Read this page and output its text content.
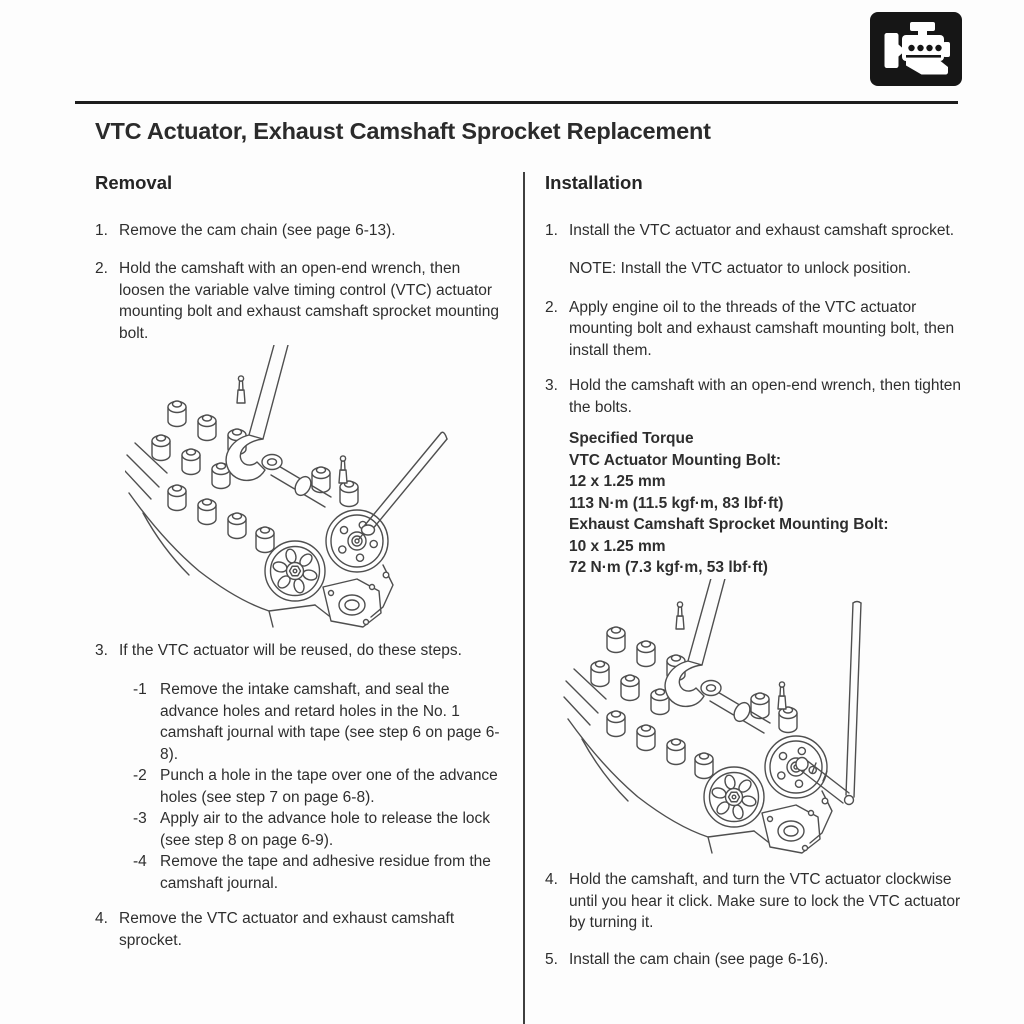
VTC Actuator, Exhaust Camshaft Sprocket Replacement
Removal
1. Remove the cam chain (see page 6-13).
2. Hold the camshaft with an open-end wrench, then loosen the variable valve timing control (VTC) actuator mounting bolt and exhaust camshaft sprocket mounting bolt.
3. If the VTC actuator will be reused, do these steps.
-1 Remove the intake camshaft, and seal the advance holes and retard holes in the No. 1 camshaft journal with tape (see step 6 on page 6-8).
-2 Punch a hole in the tape over one of the advance holes (see step 7 on page 6-8).
-3 Apply air to the advance hole to release the lock (see step 8 on page 6-9).
-4 Remove the tape and adhesive residue from the camshaft journal.
4. Remove the VTC actuator and exhaust camshaft sprocket.
Installation
1. Install the VTC actuator and exhaust camshaft sprocket.

NOTE: Install the VTC actuator to unlock position.

2. Apply engine oil to the threads of the VTC actuator mounting bolt and exhaust camshaft mounting bolt, then install them.
3. Hold the camshaft with an open-end wrench, then tighten the bolts.
Specified Torque
VTC Actuator Mounting Bolt:
12 x 1.25 mm
113 N·m (11.5 kgf·m, 83 lbf·ft)
Exhaust Camshaft Sprocket Mounting Bolt:
10 x 1.25 mm
72 N·m (7.3 kgf·m, 53 lbf·ft)
4. Hold the camshaft, and turn the VTC actuator clockwise until you hear it click. Make sure to lock the VTC actuator by turning it.
5. Install the cam chain (see page 6-16).
